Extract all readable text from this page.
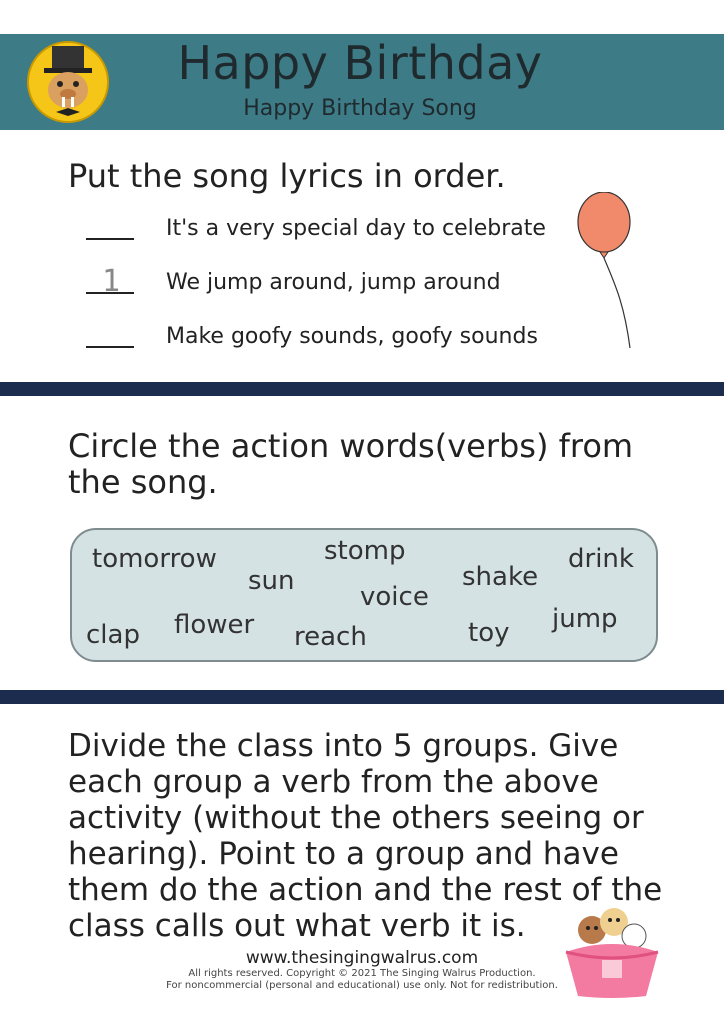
Happy Birthday
Happy Birthday Song
Put the song lyrics in order.
It's a very special day to celebrate
1 We jump around, jump around
Make goofy sounds, goofy sounds
Circle the action words(verbs) from
the song.
tomorrow
sun
stomp
voice
shake
drink
clap flower reach	toy jump
Divide the class into 5 groups. Give
each group a verb from the above
activity (without the others seeing or
hearing). Point to a group and have
them do the action and the rest of the
class calls out what verb it is.
www.thesingingwalrus.com
All rights reserved. Copyright © 2021 The Singing Walrus Production.
For noncommercial (personal and educational) use only. Not for redistribution.
